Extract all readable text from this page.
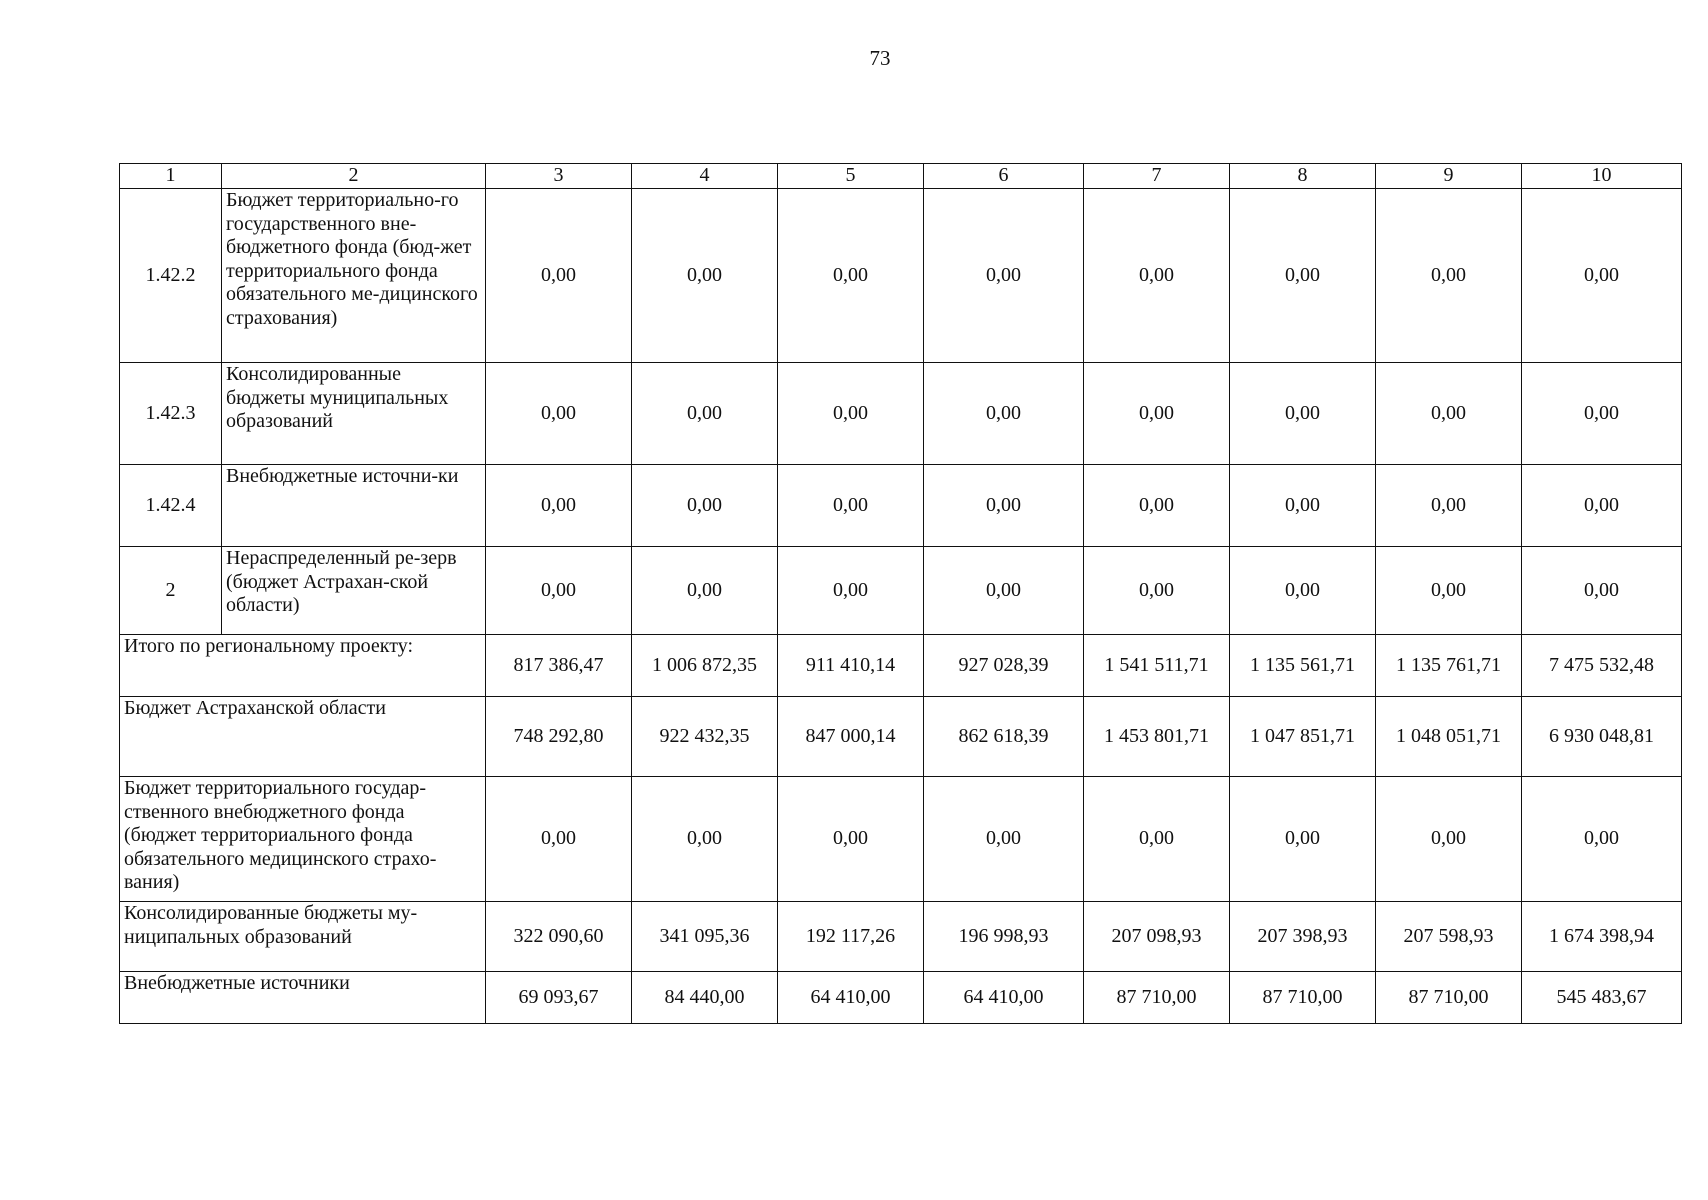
73
1	2	3	4	5	6	7	8	9	10
1.42.2	Бюджет территориально-го государственного вне-бюджетного фонда (бюд-жет территориального фонда обязательного ме-дицинского страхования)	0,00	0,00	0,00	0,00	0,00	0,00	0,00	0,00
1.42.3	Консолидированные бюджеты муниципальных образований	0,00	0,00	0,00	0,00	0,00	0,00	0,00	0,00
1.42.4	Внебюджетные источни-ки	0,00	0,00	0,00	0,00	0,00	0,00	0,00	0,00
2	Нераспределенный ре-зерв (бюджет Астрахан-ской области)	0,00	0,00	0,00	0,00	0,00	0,00	0,00	0,00
Итого по региональному проекту:		817 386,47	1 006 872,35	911 410,14	927 028,39	1 541 511,71	1 135 561,71	1 135 761,71	7 475 532,48
Бюджет Астраханской области		748 292,80	922 432,35	847 000,14	862 618,39	1 453 801,71	1 047 851,71	1 048 051,71	6 930 048,81
Бюджет территориального государ-ственного внебюджетного фонда (бюджет территориального фонда обязательного медицинского страхо-вания)		0,00	0,00	0,00	0,00	0,00	0,00	0,00	0,00
Консолидированные бюджеты му-ниципальных образований		322 090,60	341 095,36	192 117,26	196 998,93	207 098,93	207 398,93	207 598,93	1 674 398,94
Внебюджетные источники		69 093,67	84 440,00	64 410,00	64 410,00	87 710,00	87 710,00	87 710,00	545 483,67
